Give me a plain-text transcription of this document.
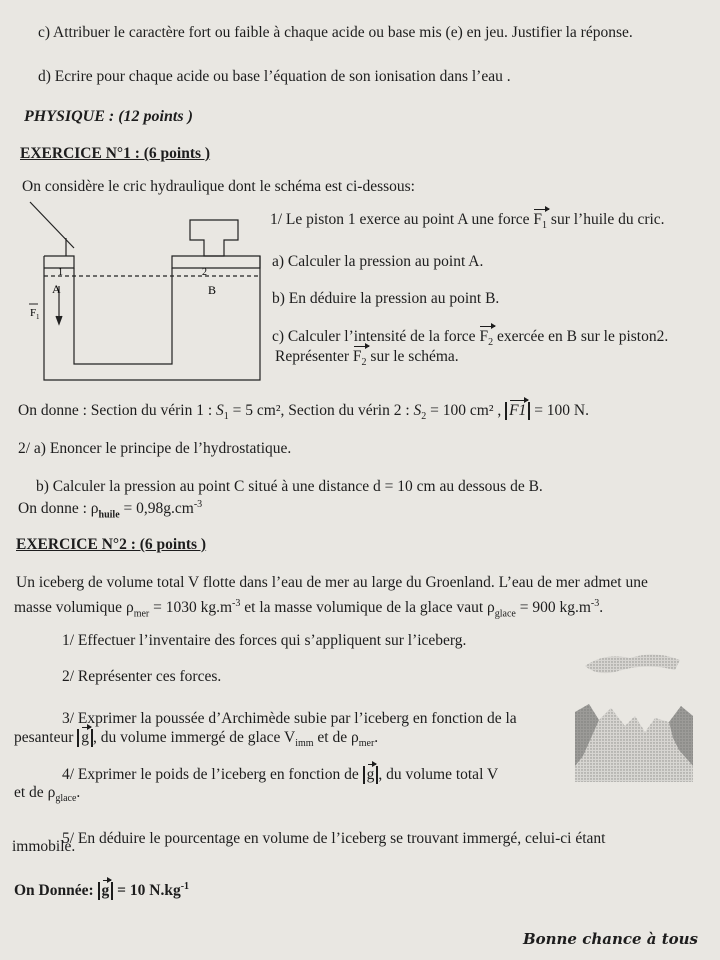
c) Attribuer le caractère fort ou faible à chaque acide ou base mis (e) en jeu. Justifier la réponse.
d) Ecrire pour chaque acide ou base l’équation de son ionisation dans l’eau .
PHYSIQUE : (12 points )
EXERCICE N°1 : (6 points )
On considère le cric hydraulique dont le schéma est ci-dessous:
1	2
A	B
F 1
1/ Le piston 1 exerce au point A une force $F_1$ sur l’huile du cric.
a) Calculer la pression au point A.
b) En déduire la pression au point B.
c) Calculer l’intensité de la force $F_2$ exercée en B sur le piston2.
Représenter $F_2$ sur le schéma.
On donne : Section du vérin 1 : $S_1 = 5$ cm², Section du vérin 2 : $S_2 = 100$ cm² , F1 = 100 N.
2/ a) Enoncer le principe de l’hydrostatique.
b) Calculer la pression au point C situé à une distance d = 10 cm au dessous de B.
On donne : $\rho_{huile} = 0,98g.cm^{-3}$
EXERCICE N°2 : (6 points )
Un iceberg de volume total V flotte dans l’eau de mer au large du Groenland. L’eau de mer admet une
masse volumique $\rho_{mer} = 1030$ $kg.m^{-3}$ et la masse volumique de la glace vaut $\rho_{glace} = 900$ $kg.m^{-3}$.
1/ Effectuer l’inventaire des forces qui s’appliquent sur l’iceberg.
2/ Représenter ces forces.
3/ Exprimer la poussée d’Archimède subie par l’iceberg en fonction de la
pesanteur g , du volume immergé de glace $V_{imm}$ et de $\rho_{mer}$.
4/ Exprimer le poids de l’iceberg en fonction de g , du volume total V
et de $\rho_{glace}$.
5/ En déduire le pourcentage en volume de l’iceberg se trouvant immergé, celui-ci étant
immobile.
On Donnée: g = 10 $N.kg^{-1}$
Bonne chance à tous
